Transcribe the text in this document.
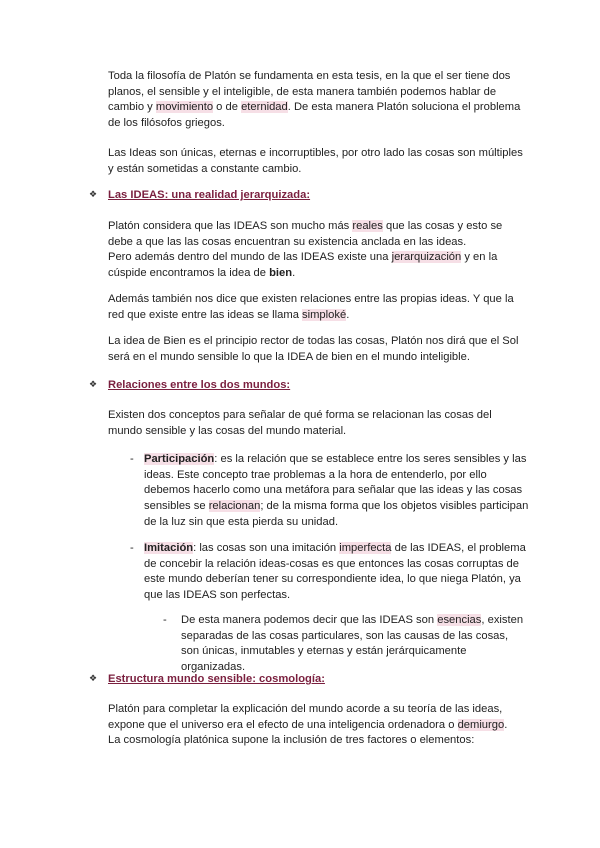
Toda la filosofía de Platón se fundamenta en esta tesis, en la que el ser tiene dos planos, el sensible y el inteligible, de esta manera también podemos hablar de cambio y movimiento o de eternidad. De esta manera Platón soluciona el problema de los filósofos griegos.

Las Ideas son únicas, eternas e incorruptibles, por otro lado las cosas son múltiples y están sometidas a constante cambio.

❖ Las IDEAS: una realidad jerarquizada:

Platón considera que las IDEAS son mucho más reales que las cosas y esto se debe a que las las cosas encuentran su existencia anclada en las ideas.
Pero además dentro del mundo de las IDEAS existe una jerarquización y en la cúspide encontramos la idea de bien.

Además también nos dice que existen relaciones entre las propias ideas. Y que la red que existe entre las ideas se llama simploké.

La idea de Bien es el principio rector de todas las cosas, Platón nos dirá que el Sol será en el mundo sensible lo que la IDEA de bien en el mundo inteligible.

❖ Relaciones entre los dos mundos:

Existen dos conceptos para señalar de qué forma se relacionan las cosas del mundo sensible y las cosas del mundo material.

- Participación: es la relación que se establece entre los seres sensibles y las ideas. Este concepto trae problemas a la hora de entenderlo, por ello debemos hacerlo como una metáfora para señalar que las ideas y las cosas sensibles se relacionan; de la misma forma que los objetos visibles participan de la luz sin que esta pierda su unidad.
- Imitación: las cosas son una imitación imperfecta de las IDEAS, el problema de concebir la relación ideas-cosas es que entonces las cosas corruptas de este mundo deberían tener su correspondiente idea, lo que niega Platón, ya que las IDEAS son perfectas.
-	De esta manera podemos decir que las IDEAS son esencias, existen separadas de las cosas particulares, son las causas de las cosas, son únicas, inmutables y eternas y están jerárquicamente organizadas.
❖ Estructura mundo sensible: cosmología:

Platón para completar la explicación del mundo acorde a su teoría de las ideas, expone que el universo era el efecto de una inteligencia ordenadora o demiurgo.
La cosmología platónica supone la inclusión de tres factores o elementos:
